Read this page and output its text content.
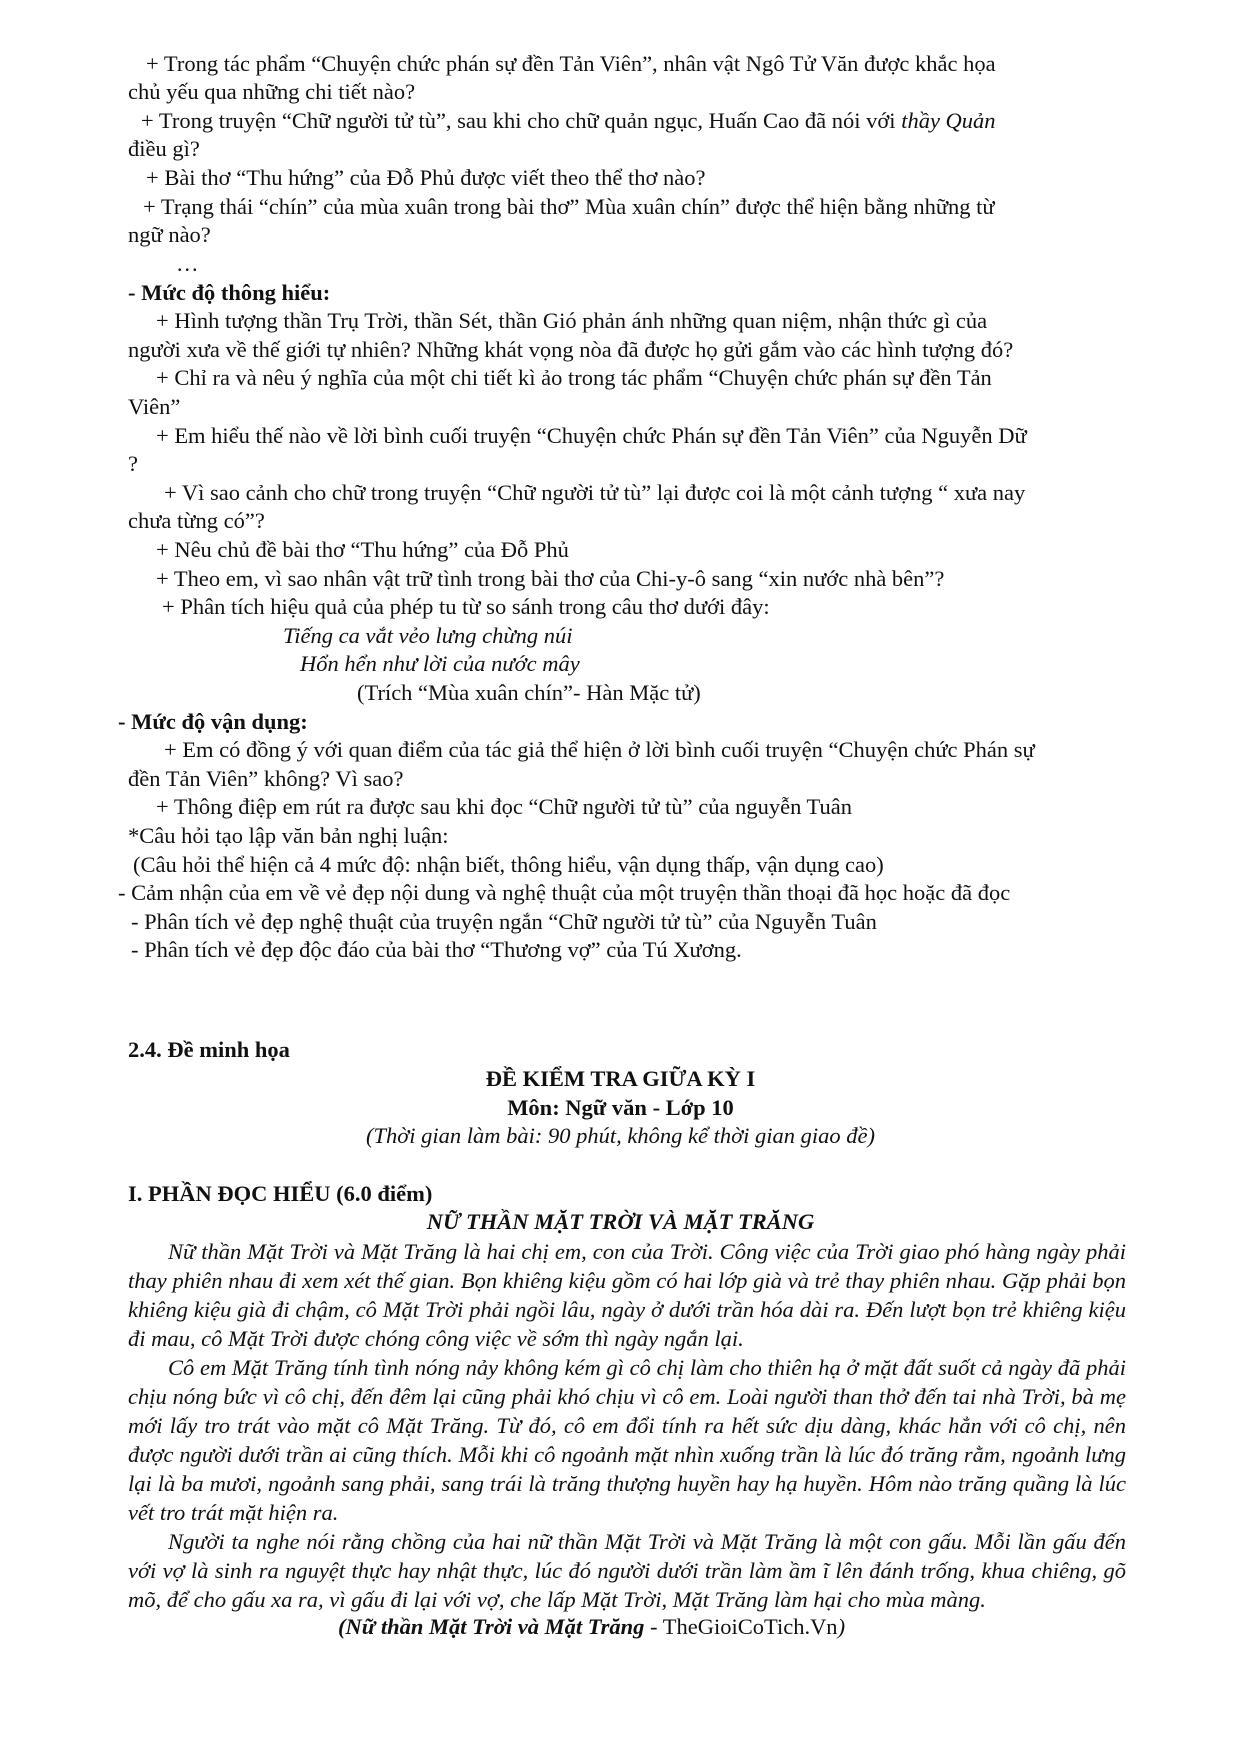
+ Trong tác phẩm “Chuyện chức phán sự đền Tản Viên”, nhân vật Ngô Tử Văn được khắc họa
chủ yếu qua những chi tiết nào?
+ Trong truyện “Chữ người tử tù”, sau khi cho chữ quản ngục, Huấn Cao đã nói với thầy Quản
điều gì?
+ Bài thơ “Thu hứng” của Đỗ Phủ được viết theo thể thơ nào?
+ Trạng thái “chín” của mùa xuân trong bài thơ” Mùa xuân chín” được thể hiện bằng những từ
ngữ nào?
…
- Mức độ thông hiểu:
+ Hình tượng thần Trụ Trời, thần Sét, thần Gió phản ánh những quan niệm, nhận thức gì của
người xưa về thế giới tự nhiên? Những khát vọng nòa đã được họ gửi gắm vào các hình tượng đó?
+ Chỉ ra và nêu ý nghĩa của một chi tiết kì ảo trong tác phẩm “Chuyện chức phán sự đền Tản
Viên”
+ Em hiểu thế nào về lời bình cuối truyện “Chuyện chức Phán sự đền Tản Viên” của Nguyễn Dữ
?
+ Vì sao cảnh cho chữ trong truyện “Chữ người tử tù” lại được coi là một cảnh tượng “ xưa nay
chưa từng có”?
+ Nêu chủ đề bài thơ “Thu hứng” của Đỗ Phủ
+ Theo em, vì sao nhân vật trữ tình trong bài thơ của Chi-y-ô sang “xin nước nhà bên”?
+ Phân tích hiệu quả của phép tu từ so sánh trong câu thơ dưới đây:
Tiếng ca vắt vẻo lưng chừng núi
Hổn hển như lời của nước mây
(Trích “Mùa xuân chín”- Hàn Mặc tử)
- Mức độ vận dụng:
+ Em có đồng ý với quan điểm của tác giả thể hiện ở lời bình cuối truyện “Chuyện chức Phán sự
đền Tản Viên” không? Vì sao?
+ Thông điệp em rút ra được sau khi đọc “Chữ người tử tù” của nguyễn Tuân
*Câu hỏi tạo lập văn bản nghị luận:
(Câu hỏi thể hiện cả 4 mức độ: nhận biết, thông hiểu, vận dụng thấp, vận dụng cao)
- Cảm nhận của em về vẻ đẹp nội dung và nghệ thuật của một truyện thần thoại đã học hoặc đã đọc
- Phân tích vẻ đẹp nghệ thuật của truyện ngắn “Chữ người tử tù” của Nguyễn Tuân
- Phân tích vẻ đẹp độc đáo của bài thơ “Thương vợ” của Tú Xương.
2.4. Đề minh họa
ĐỀ KIỂM TRA GIỮA KỲ I
Môn: Ngữ văn - Lớp 10
(Thời gian làm bài: 90 phút, không kể thời gian giao đề)
I. PHẦN ĐỌC HIỂU (6.0 điểm)
NỮ THẦN MẶT TRỜI VÀ MẶT TRĂNG

Nữ thần Mặt Trời và Mặt Trăng là hai chị em, con của Trời. Công việc của Trời giao phó hàng ngày phải thay phiên nhau đi xem xét thế gian. Bọn khiêng kiệu gồm có hai lớp già và trẻ thay phiên nhau. Gặp phải bọn khiêng kiệu già đi chậm, cô Mặt Trời phải ngồi lâu, ngày ở dưới trần hóa dài ra. Đến lượt bọn trẻ khiêng kiệu đi mau, cô Mặt Trời được chóng công việc về sớm thì ngày ngắn lại.

Cô em Mặt Trăng tính tình nóng nảy không kém gì cô chị làm cho thiên hạ ở mặt đất suốt cả ngày đã phải chịu nóng bức vì cô chị, đến đêm lại cũng phải khó chịu vì cô em. Loài người than thở đến tai nhà Trời, bà mẹ mới lấy tro trát vào mặt cô Mặt Trăng. Từ đó, cô em đổi tính ra hết sức dịu dàng, khác hẳn với cô chị, nên được người dưới trần ai cũng thích. Mỗi khi cô ngoảnh mặt nhìn xuống trần là lúc đó trăng rằm, ngoảnh lưng lại là ba mươi, ngoảnh sang phải, sang trái là trăng thượng huyền hay hạ huyền. Hôm nào trăng quầng là lúc vết tro trát mặt hiện ra.

Người ta nghe nói rằng chồng của hai nữ thần Mặt Trời và Mặt Trăng là một con gấu. Mỗi lần gấu đến với vợ là sinh ra nguyệt thực hay nhật thực, lúc đó người dưới trần làm ầm ĩ lên đánh trống, khua chiêng, gõ mõ, để cho gấu xa ra, vì gấu đi lại với vợ, che lấp Mặt Trời, Mặt Trăng làm hại cho mùa màng.

(Nữ thần Mặt Trời và Mặt Trăng - TheGioiCoTich.Vn)
